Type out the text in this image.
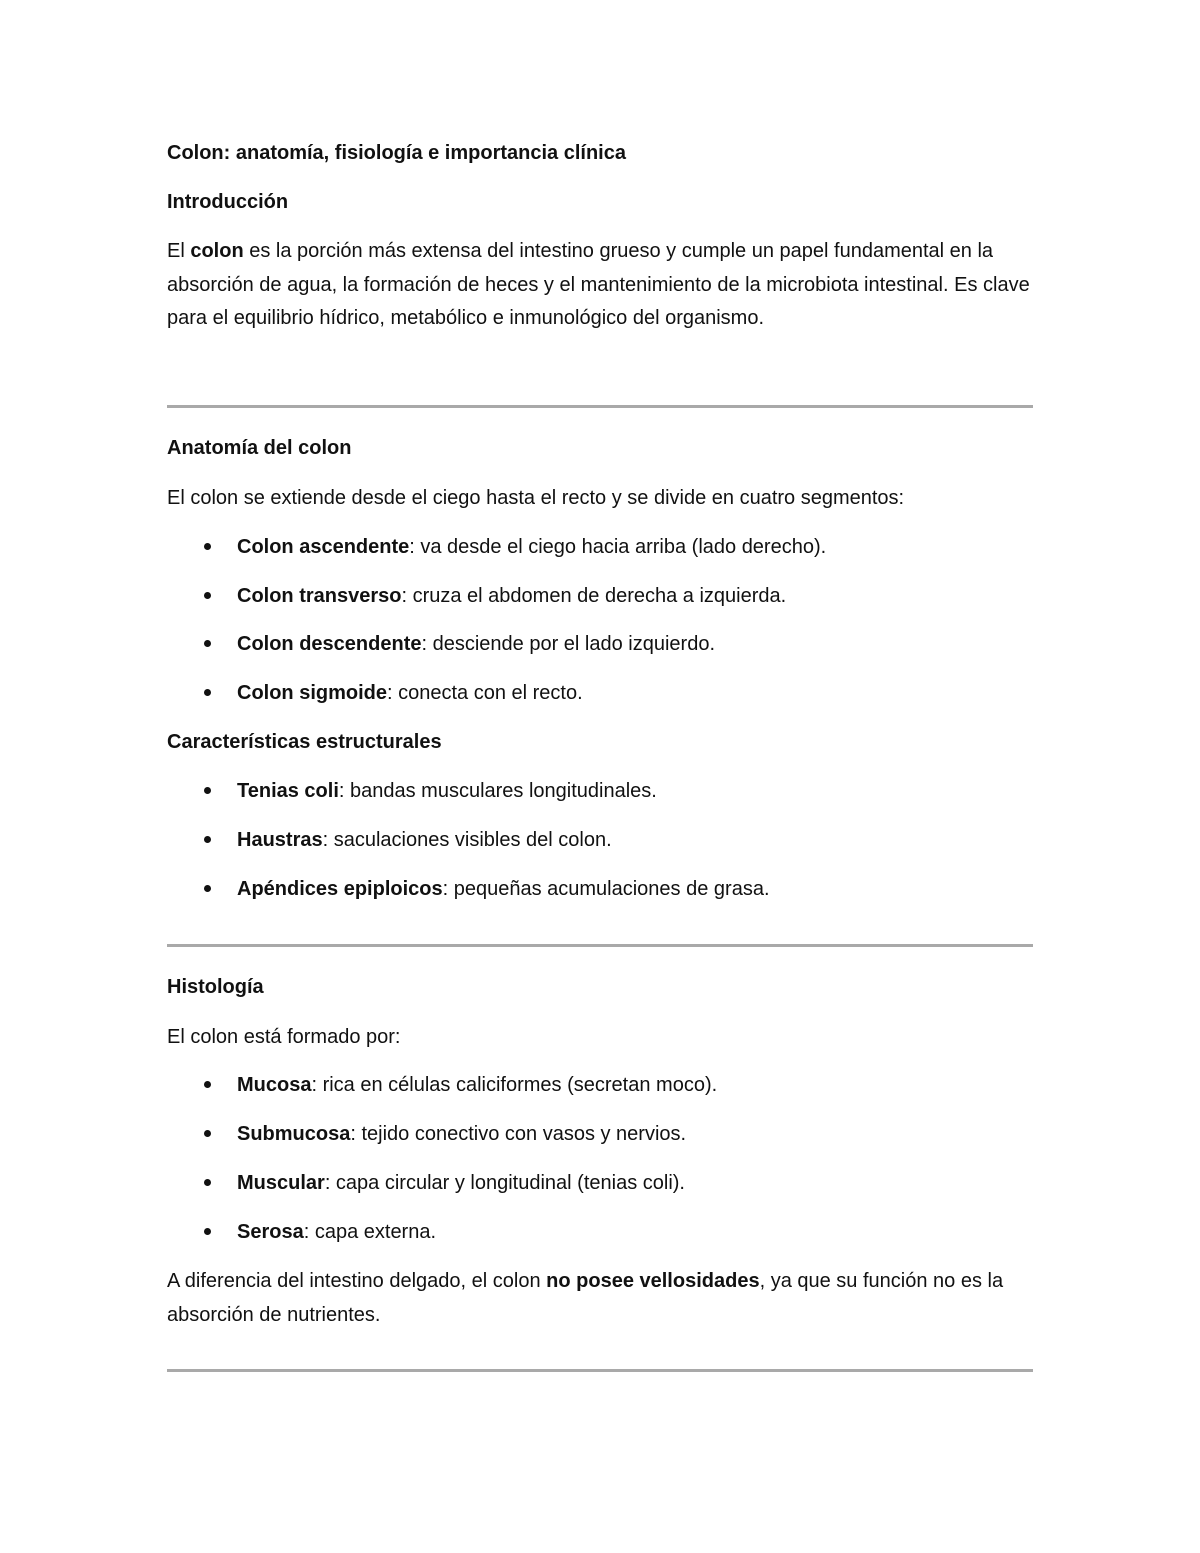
Colon: anatomía, fisiología e importancia clínica
Introducción

El colon es la porción más extensa del intestino grueso y cumple un papel fundamental en la absorción de agua, la formación de heces y el mantenimiento de la microbiota intestinal. Es clave para el equilibrio hídrico, metabólico e inmunológico del organismo.

Anatomía del colon
El colon se extiende desde el ciego hasta el recto y se divide en cuatro segmentos:
Colon ascendente: va desde el ciego hacia arriba (lado derecho).
Colon transverso: cruza el abdomen de derecha a izquierda.
Colon descendente: desciende por el lado izquierdo.
Colon sigmoide: conecta con el recto.
Características estructurales
Tenias coli: bandas musculares longitudinales.
Haustras: saculaciones visibles del colon.
Apéndices epiploicos: pequeñas acumulaciones de grasa.
Histología
El colon está formado por:
Mucosa: rica en células caliciformes (secretan moco).
Submucosa: tejido conectivo con vasos y nervios.
Muscular: capa circular y longitudinal (tenias coli).
Serosa: capa externa.

A diferencia del intestino delgado, el colon no posee vellosidades, ya que su función no es la absorción de nutrientes.
